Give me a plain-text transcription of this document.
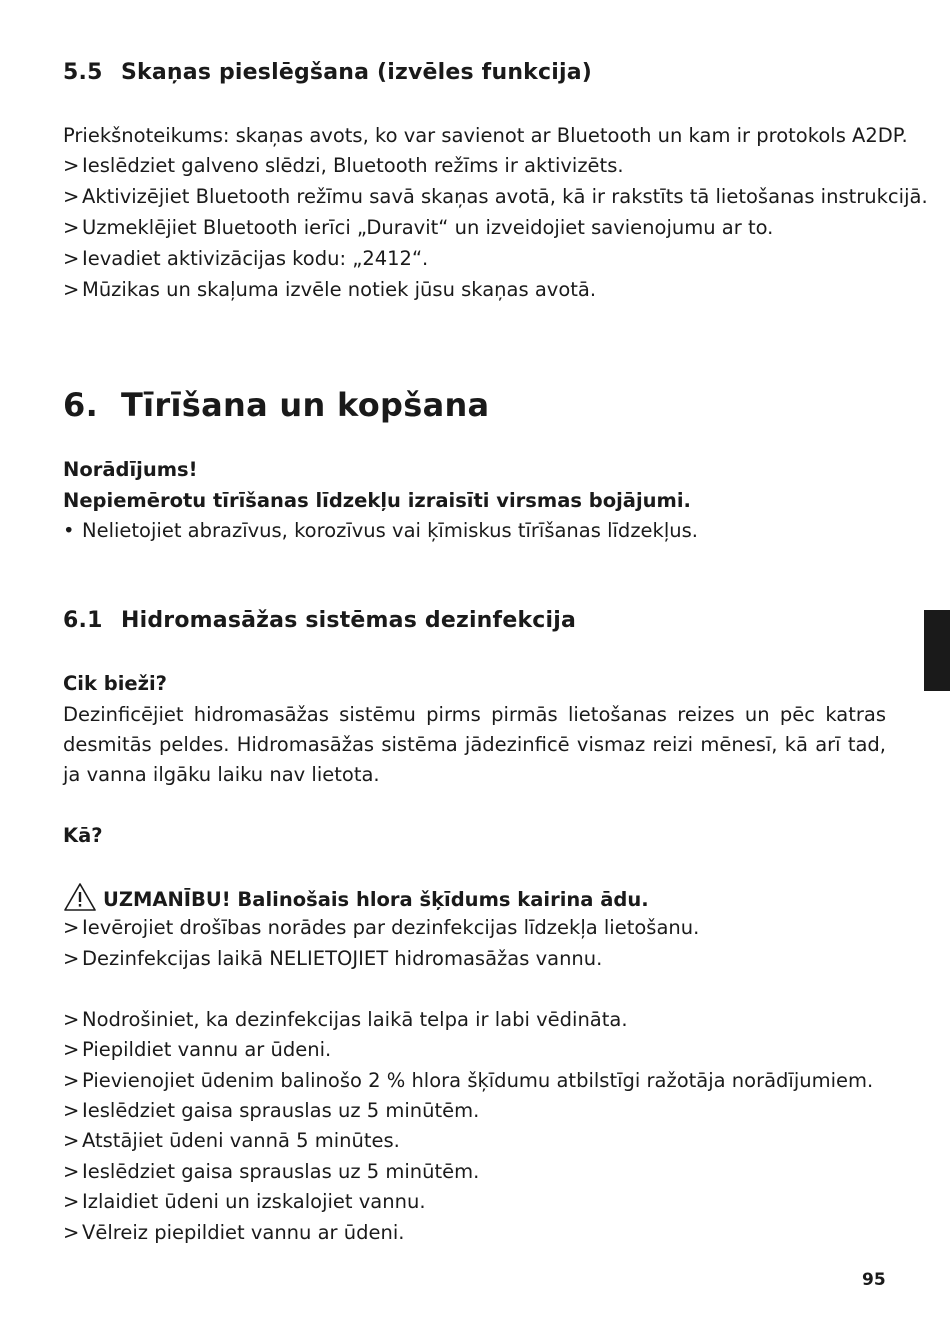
5.5 Skaņas pieslēgšana (izvēles funkcija)
Priekšnoteikums: skaņas avots, ko var savienot ar Bluetooth un kam ir protokols A2DP.
> Ieslēdziet galveno slēdzi, Bluetooth režīms ir aktivizēts.
> Aktivizējiet Bluetooth režīmu savā skaņas avotā, kā ir rakstīts tā lietošanas instrukcijā.
> Uzmeklējiet Bluetooth ierīci „Duravit“ un izveidojiet savienojumu ar to.
> Ievadiet aktivizācijas kodu: „2412“.
> Mūzikas un skaļuma izvēle notiek jūsu skaņas avotā.
6. Tīrīšana un kopšana
Norādījums!
Nepiemērotu tīrīšanas līdzekļu izraisīti virsmas bojājumi.
• Nelietojiet abrazīvus, korozīvus vai ķīmiskus tīrīšanas līdzekļus.
6.1 Hidromasāžas sistēmas dezinfekcija
Cik bieži?
Dezinficējiet hidromasāžas sistēmu pirms pirmās lietošanas reizes un pēc katras desmitās peldes. Hidromasāžas sistēma jādezinficē vismaz reizi mēnesī, kā arī tad, ja vanna ilgāku laiku nav lietota.
Kā?
UZMANĪBU! Balinošais hlora šķīdums kairina ādu.
> Ievērojiet drošības norādes par dezinfekcijas līdzekļa lietošanu.
> Dezinfekcijas laikā NELIETOJIET hidromasāžas vannu.
> Nodrošiniet, ka dezinfekcijas laikā telpa ir labi vēdināta.
> Piepildiet vannu ar ūdeni.
> Pievienojiet ūdenim balinošo 2 % hlora šķīdumu atbilstīgi ražotāja norādījumiem.
> Ieslēdziet gaisa sprauslas uz 5 minūtēm.
> Atstājiet ūdeni vannā 5 minūtes.
> Ieslēdziet gaisa sprauslas uz 5 minūtēm.
> Izlaidiet ūdeni un izskalojiet vannu.
> Vēlreiz piepildiet vannu ar ūdeni.
95
